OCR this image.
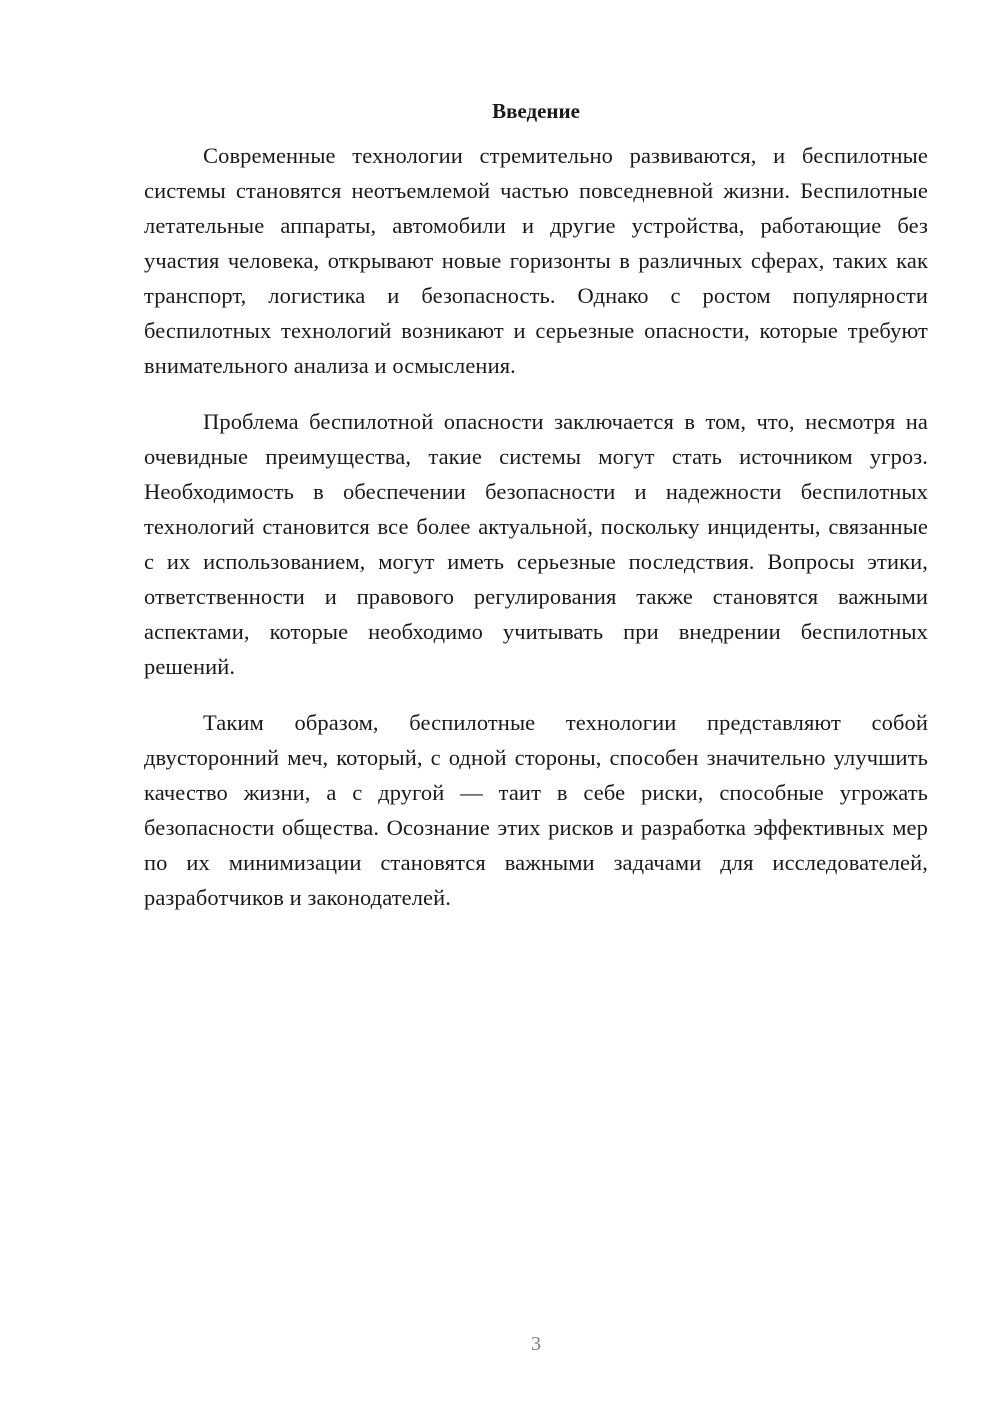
Введение

Современные технологии стремительно развиваются, и беспилотные системы становятся неотъемлемой частью повседневной жизни. Беспилотные летательные аппараты, автомобили и другие устройства, работающие без участия человека, открывают новые горизонты в различных сферах, таких как транспорт, логистика и безопасность. Однако с ростом популярности беспилотных технологий возникают и серьезные опасности, которые требуют внимательного анализа и осмысления.

Проблема беспилотной опасности заключается в том, что, несмотря на очевидные преимущества, такие системы могут стать источником угроз. Необходимость в обеспечении безопасности и надежности беспилотных технологий становится все более актуальной, поскольку инциденты, связанные с их использованием, могут иметь серьезные последствия. Вопросы этики, ответственности и правового регулирования также становятся важными аспектами, которые необходимо учитывать при внедрении беспилотных решений.

Таким образом, беспилотные технологии представляют собой двусторонний меч, который, с одной стороны, способен значительно улучшить качество жизни, а с другой — таит в себе риски, способные угрожать безопасности общества. Осознание этих рисков и разработка эффективных мер по их минимизации становятся важными задачами для исследователей, разработчиков и законодателей.

3
